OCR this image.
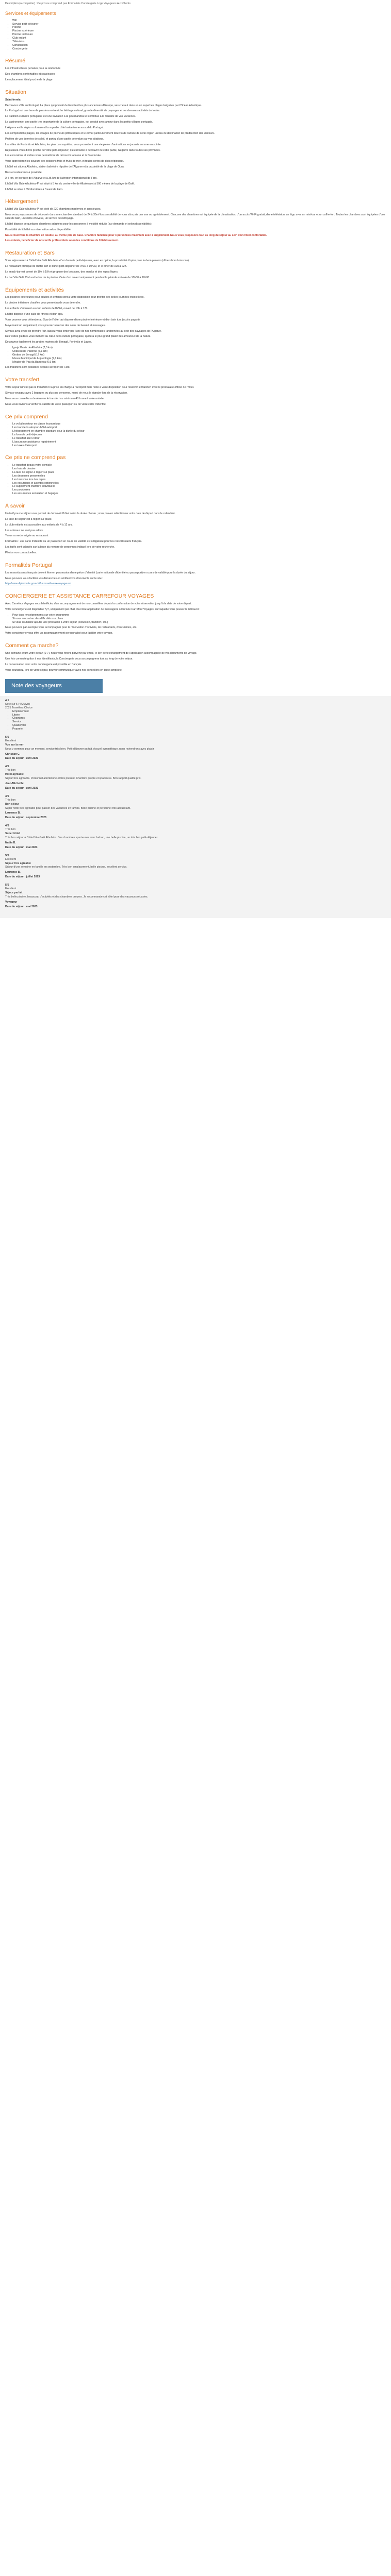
Description (à compléter) : Ce prix ne comprend pas Formalités Conciergerie Loge Voyageurs Aux Clients

Services et équipements
• Wifi
• Service petit-déjeuner
• Piscine
• Piscine extérieure
• Piscine intérieure
• Club enfant
• Télévision
• Climatisation
• Conciergerie
Résumé

Les infrastructures pensées pour la randonnée

Des chambres confortables et spacieuses

L'emplacement idéal proche de la plage

Situation

Saint-Irenéa

Découvrez s'élir en Portugal, La place qui pouvait de Eventent les plus anciennes d'Europe, ses criétaut dans un un superbes plages baignées par l'Océan Atlantique.

Le Portugal est une terre de passions entre riche héritage culturel, grande diversité de paysages et nombreuses activités de loisirs.

La tradition culinaire portugaise est une invitation à la gourmandise et contribue à la réussite de vos vacances.

La gastronomie, une partie très importante de la culture portugaise, est produit avec amour dans les petits villages portugais.

L'Algarve est la région coloniale et la superbe côte lusitanienne au sud du Portugal.

Les compositions plages, les villages de pêcheurs pittoresques et le climat particulièrement doux toute l'année de cette région un lieu de destination de prédilection des visiteurs.

Profitez de vos données de soleil, et partez d'une partie détendue par vos citations.

Les villes de Portimão et Albufeira, les plus cosmopolites, vous promettent une vie pleine d'animations en journée comme en soirée.

Réjouissez-vous d'être proche de votre petit-déjeuner, qui est facile à découvrir de cette partie, l'Algarve dans toutes ses provinces.

Les excursions et sorties vous permettront de découvrir la faune et la flore locale.

Vous apprécierez les saveurs des poissons frais et fruits de mer, et toutes sortes de plats régionaux.

L'hôtel est situé à Albufeira, station balnéaire réputée de l'Algarve et à proximité de la plage de Oura.

Bars et restaurants à proximité.

À 5 km, en bordure de l'Algarve et à 35 km de l'aéroport international de Faro.

L'hôtel Vila Galé Albufeira 4* est situé à 5 km du centre-ville de Albufeira et à 500 mètres de la plage de Galé.

L'hôtel se situe à 35 kilomètres à l'ouest de Faro.

Hébergement

L'hôtel Vila Galé Albufeira 4* est doté de 220 chambres modernes et spacieuses.

Nous vous proposerons de découvrir dans une chambre standard de 24 à 30m² lors sensibilité de vous sûrs pris une vue ou agréablement. Chacune des chambres est équipée de la climatisation, d'un accès Wi-Fi gratuit, d'une télévision, un frigo avec un mini-bar et un coffre-fort. Toutes les chambres sont équipées d'une salle de bain, un sèche-cheveux, un service de nettoyage.

L'hôtel dispose de quelques chambres adaptées pour les personnes à mobilité réduite (sur demande et selon disponibilités).

Possibilité de lit bébé sur réservation selon disponibilité.

Nous réservons la chambre en double, au même prix de base. Chambre familiale pour 4 personnes maximum avec 1 supplément. Nous vous proposons tout au long du séjour au sein d'un hôtel confortable.

Les enfants, bénéficiez de nos tarifs préférentiels selon les conditions de l'établissement.

Restauration et Bars

Vous séjournerez à l'hôtel Vila Galé Albufeira 4* en formule petit-déjeuner, avec en option, la possibilité d'opter pour la demi-pension (dîners hors boissons).

Le restaurant principal de l'hôtel sert le buffet petit-déjeuner de 7h30 à 10h30, et le dîner de 19h à 22h.

Le snack-bar est ouvert de 10h à 19h et propose des boissons, des snacks et des repas légers.

Le bar Vila Galé Club est le bar de la piscine. Cela n'est ouvert uniquement pendant la période estivale de 10h30 à 18h00.

Équipements et activités

Les piscines extérieures pour adultes et enfants sont à votre disposition pour profiter des belles journées ensoleillées.

La piscine intérieure chauffée vous permettra de vous détendre.

Les enfants s'amusent au club enfants de l'hôtel, ouvert de 10h à 17h.

L'hôtel dispose d'une salle de fitness et d'un spa.

Vous pourrez vous détendre au Spa de l'hôtel qui dispose d'une piscine intérieure et d'un bain turc (accès payant).

Moyennant un supplément, vous pourrez réserver des soins de beauté et massages.

Si vous avez envie de prendre l'air, laissez-vous tenter par l'une de nos nombreuses randonnées au sein des paysages de l'Algarve.

Des visites guidées vous mènent au cœur de la culture portugaise, qui fera le plus grand plaisir des amoureux de la nature.

Découvrez également les grottes marines de Benagil, Portimão et Lagos.

• Igreja Matriz de Albufeira (2,3 km)
• Château de Paderne (7,1 km)
• Grottes de Benagil (12 km)
• Museu Municipal de Arqueologia (7,1 km)
• Mirador de Pau da Bandeira (6,9 km)

Les transferts sont possibles depuis l'aéroport de Faro.

Votre transfert

Votre séjour n'inclut pas le transfert ni la prise en charge à l'aéroport mais reste à votre disposition pour réserver le transfert avec le prestataire officiel de l'hôtel.

Si vous voyagez avec 2 bagages ou plus par personne, merci de nous le signaler lors de la réservation.

Nous vous conseillons de réserver le transfert au minimum 48 h avant votre arrivée.

Nous vous invitons à vérifier la validité de votre passeport ou de votre carte d'identité.

Ce prix comprend
• Le vol aller/retour en classe économique
• Les transferts aéroport-hôtel-aéroport
• L'hébergement en chambre standard pour la durée du séjour
• La formule petit-déjeuner
• Le transfert aller-retour
• L'assurance assistance rapatriement
• Les taxes d'aéroport
Ce prix ne comprend pas
• Le transfert depuis votre domicile
• Les frais de dossier
• La taxe de séjour à régler sur place
• Les dépenses personnelles
• Les boissons lors des repas
• Les excursions et activités optionnelles
• Le supplément chambre individuelle
• Les pourboires
• Les assurances annulation et bagages
À savoir

Un tarif pour le séjour vous permet de découvrir l'hôtel selon la durée choisie ; vous pouvez sélectionner votre date de départ dans le calendrier.

La taxe de séjour est à régler sur place.

Le club enfants est accessible aux enfants de 4 à 12 ans.

Les animaux ne sont pas admis.

Tenue correcte exigée au restaurant.

Formalités : une carte d'identité ou un passeport en cours de validité est obligatoire pour les ressortissants français.

Les tarifs sont calculés sur la base du nombre de personnes indiqué lors de votre recherche.

Photos non contractuelles.

Formalités Portugal

Les ressortissants français doivent être en possession d'une pièce d'identité (carte nationale d'identité ou passeport) en cours de validité pour la durée du séjour.

Nous pouvons vous faciliter vos démarches en vérifiant vos documents sur le site :

http://www.diplomatie.gouv.fr/fr/conseils-aux-voyageurs/

CONCIERGERIE ET ASSISTANCE CARREFOUR VOYAGES

Avec Carrefour Voyages vous bénéficiez d'un accompagnement de nos conseillers depuis la confirmation de votre réservation jusqu'à la date de votre départ.

Votre conciergerie est disponible 7j/7, uniquement par chat, via notre application de messagerie sécurisée Carrefour Voyages, sur laquelle vous pouvez le retrouver :

• Pour tous renseignements sur votre programme
• Si vous rencontrez des difficultés sur place
• Si vous souhaitez ajouter une prestation à votre séjour (excursion, transfert, etc.)

Nous pouvons par exemple vous accompagner pour la réservation d'activités, de restaurants, d'excursions, etc.

Votre conciergerie vous offre un accompagnement personnalisé pour faciliter votre voyage.

Comment ça marche?

Une semaine avant votre départ (J-7), nous vous ferons parvenir par email, le lien de téléchargement de l'application accompagnée de vos documents de voyage.

Une fois connecté grâce à nos identifiants, la Conciergerie vous accompagnera tout au long de votre séjour.

La conversation avec votre conciergerie est possible en français.

Vous souhaitez, lors de votre séjour, pouvoir communiquer avec nos conseillers en toute simplicité.

Note des voyageurs
4,1
Note sur 5 (442 Avis)
2021 Travellers Choice
• Emplacement
• Literie
• Chambres
• Service
• Qualité/prix
• Propreté
5/5
Excellent
Vue sur la mer
Nous y sommes pour un moment, service très bien. Petit-déjeuner parfait. Accueil sympathique, nous reviendrons avec plaisir.
Christian C.
Date du séjour : avril 2023
4/5
Très bon
Hôtel agréable
Séjour très agréable. Personnel attentionné et très présent. Chambre propre et spacieuse. Bon rapport qualité prix.
Jean-Michel M.
Date du séjour : avril 2023
4/5
Très bon
Bon séjour
Super hôtel très agréable pour passer des vacances en famille. Belle piscine et personnel très accueillant.
Laurence B.
Date du séjour : septembre 2023
4/5
Très bon
Super hôtel
Très bon séjour à l'hôtel Vila Galé Albufeira. Des chambres spacieuses avec balcon, une belle piscine, un très bon petit-déjeuner.
Nadia B.
Date du séjour : mai 2023
5/5
Excellent
Séjour très agréable
Séjour d'une semaine en famille en septembre. Très bon emplacement, belle piscine, excellent service.
Laurence B.
Date du séjour : juillet 2023
5/5
Excellent
Séjour parfait
Très belle piscine, beaucoup d'activités et des chambres propres. Je recommande cet hôtel pour des vacances réussies.
Voyageur
Date du séjour : mai 2023
